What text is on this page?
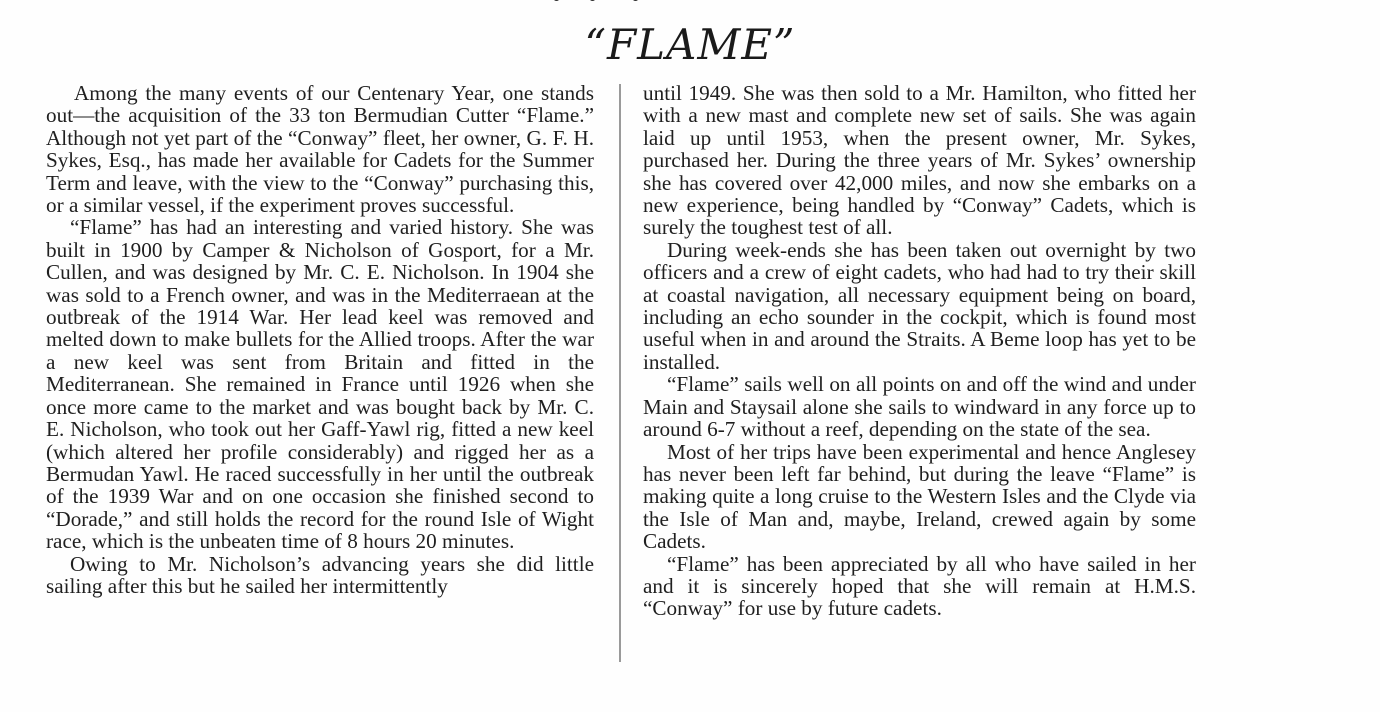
“FLAME”

Among the many events of our Centenary Year, one stands out—the acquisition of the 33 ton Bermudian Cutter “Flame.” Although not yet part of the “Conway” fleet, her owner, G. F. H. Sykes, Esq., has made her available for Cadets for the Summer Term and leave, with the view to the “Conway” purchasing this, or a similar vessel, if the experiment proves successful.

“Flame” has had an interesting and varied history. She was built in 1900 by Camper & Nicholson of Gosport, for a Mr. Cullen, and was designed by Mr. C. E. Nicholson. In 1904 she was sold to a French owner, and was in the Mediterraean at the outbreak of the 1914 War. Her lead keel was removed and melted down to make bullets for the Allied troops. After the war a new keel was sent from Britain and fitted in the Mediterranean. She remained in France until 1926 when she once more came to the market and was bought back by Mr. C. E. Nicholson, who took out her Gaff-Yawl rig, fitted a new keel (which altered her profile considerably) and rigged her as a Bermudan Yawl. He raced successfully in her until the outbreak of the 1939 War and on one occasion she finished second to “Dorade,” and still holds the record for the round Isle of Wight race, which is the unbeaten time of 8 hours 20 minutes.

Owing to Mr. Nicholson’s advancing years she did little sailing after this but he sailed her intermittently

until 1949. She was then sold to a Mr. Hamilton, who fitted her with a new mast and complete new set of sails. She was again laid up until 1953, when the present owner, Mr. Sykes, purchased her. During the three years of Mr. Sykes’ ownership she has covered over 42,000 miles, and now she embarks on a new experience, being handled by “Conway” Cadets, which is surely the toughest test of all.

During week-ends she has been taken out overnight by two officers and a crew of eight cadets, who had had to try their skill at coastal navigation, all necessary equipment being on board, including an echo sounder in the cockpit, which is found most useful when in and around the Straits. A Beme loop has yet to be installed.

“Flame” sails well on all points on and off the wind and under Main and Staysail alone she sails to windward in any force up to around 6-7 without a reef, depending on the state of the sea.

Most of her trips have been experimental and hence Anglesey has never been left far behind, but during the leave “Flame” is making quite a long cruise to the Western Isles and the Clyde via the Isle of Man and, maybe, Ireland, crewed again by some Cadets.

“Flame” has been appreciated by all who have sailed in her and it is sincerely hoped that she will remain at H.M.S. “Conway” for use by future cadets.
